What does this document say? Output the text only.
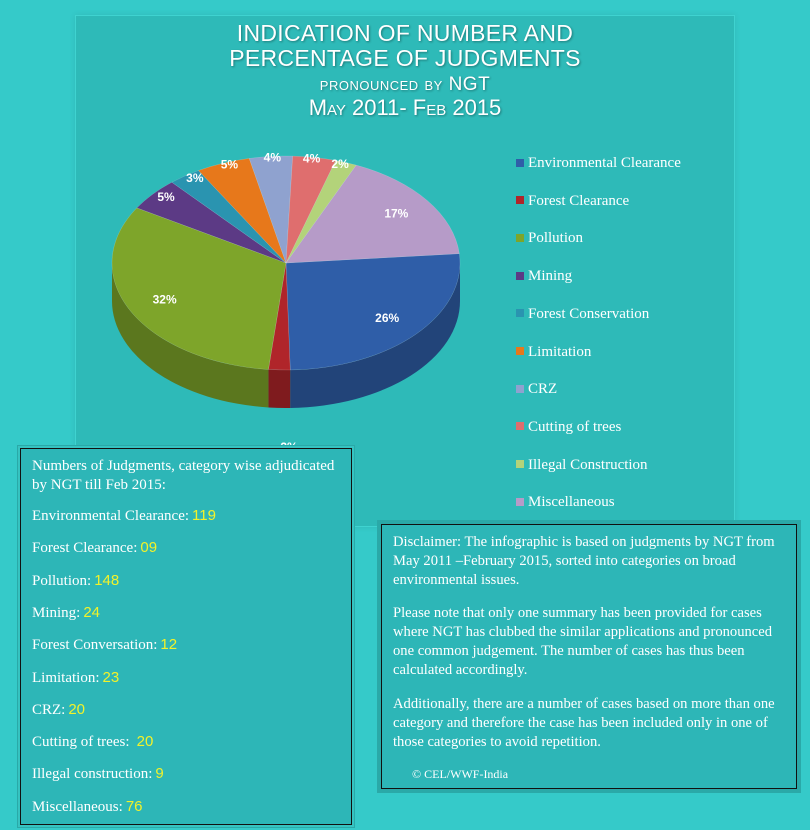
INDICATION OF NUMBER AND
PERCENTAGE OF JUDGMENTS
pronounced by NGT
May 2011- Feb 2015
26%
32%
5%
3%
5%
4% 4% 2%
17%
Environmental Clearance
Forest Clearance
Pollution
Mining
Forest Conservation
Limitation
CRZ
Cutting of trees
Illegal Construction
Miscellaneous
Numbers of Judgments, category wise adjudicated by NGT till Feb 2015:
Environmental Clearance: 119
Forest Clearance: 09
Pollution: 148
Mining: 24
Forest Conversation: 12
Limitation: 23
CRZ: 20
Cutting of trees: 20
Illegal construction: 9
Miscellaneous: 76

Disclaimer: The infographic is based on judgments by NGT from May 2011 –February 2015, sorted into categories on broad environmental issues.

Please note that only one summary has been provided for cases where NGT has clubbed the similar applications and pronounced one common judgement. The number of cases has thus been calculated accordingly.

Additionally, there are a number of cases based on more than one category and therefore the case has been included only in one of those categories to avoid repetition.

© CEL/WWF-India
